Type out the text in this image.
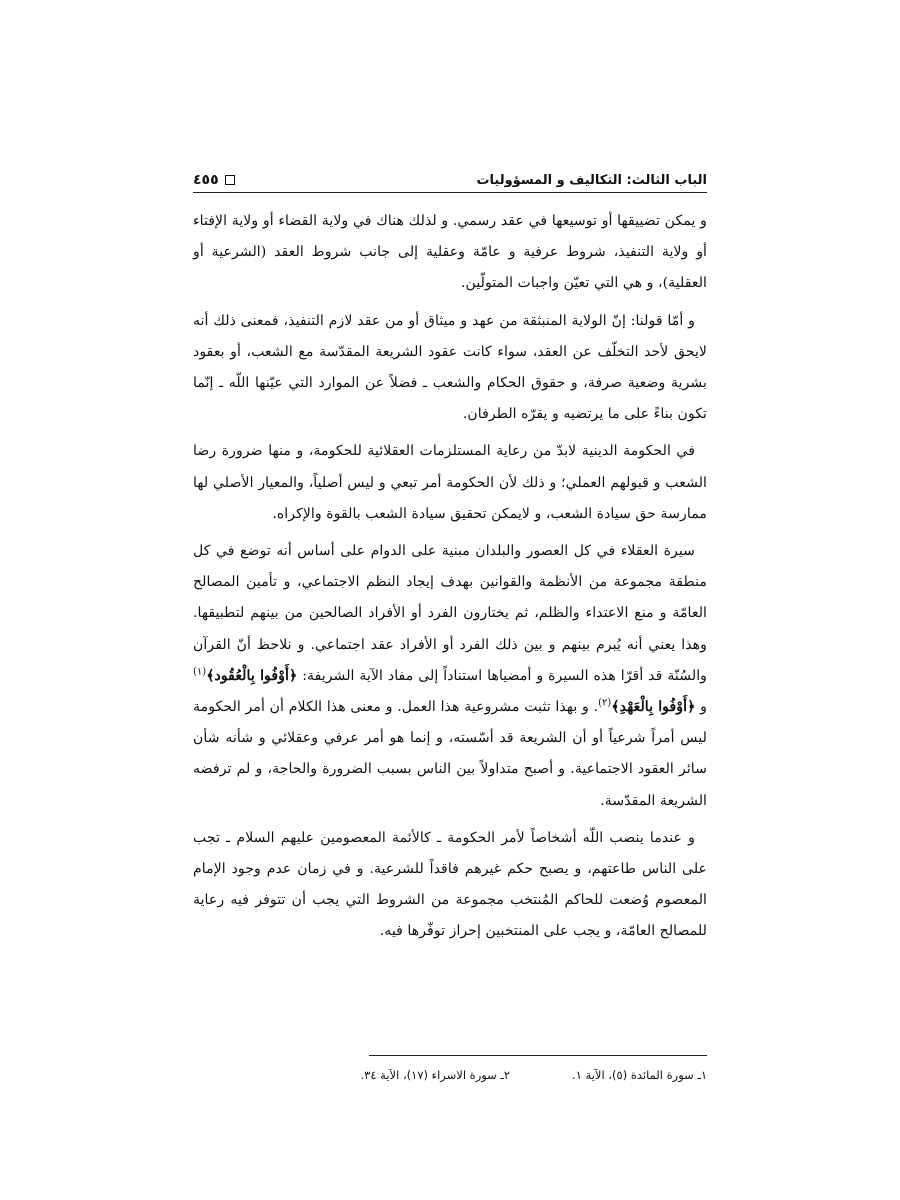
٤٥٥	الباب الثالث: التكاليف و المسؤوليات

و يمكن تضييقها أو توسيعها في عقد رسمي. و لذلك هناك في ولاية القضاء أو ولاية الإفتاء أو ولاية التنفيذ، شروط عرفية و عامّة وعقلية إلى جانب شروط العقد (الشرعية أو العقلية)، و هي التي تعيّن واجبات المتولّين.

و أمّا قولنا: إنّ الولاية المنبثقة من عهد و ميثاق أو من عقد لازم التنفيذ، فمعنى ذلك أنه لايحق لأحد التخلّف عن العقد، سواء كانت عقود الشريعة المقدّسة مع الشعب، أو بعقود بشرية وضعية صرفة، و حقوق الحكام والشعب ـ فضلاً عن الموارد التي عيّنها اللّه ـ إنّما تكون بناءً على ما يرتضيه و يقرّه الطرفان.

في الحكومة الدينية لابدّ من رعاية المستلزمات العقلائية للحكومة، و منها ضرورة رضا الشعب و قبولهم العملي؛ و ذلك لأن الحكومة أمر تبعي و ليس أصلياً، والمعيار الأصلي لها ممارسة حق سيادة الشعب، و لايمكن تحقيق سيادة الشعب بالقوة والإكراه.

سيرة العقلاء في كل العصور والبلدان مبنية على الدوام على أساس أنه توضع في كل منطقة مجموعة من الأنظمة والقوانين بهدف إيجاد النظم الاجتماعي، و تأمين المصالح العامّة و منع الاعتداء والظلم، ثم يختارون الفرد أو الأفراد الصالحين من بينهم لتطبيقها. وهذا يعني أنه يُبرم بينهم و بين ذلك الفرد أو الأفراد عقد اجتماعي. و نلاحظ أنّ القرآن والسُنّة قد أقرّا هذه السيرة و أمضياها استناداً إلى مفاد الآية الشريفة: ﴿أَوْفُوا بِالْعُقُود﴾$^{(١)}$ و ﴿أَوْفُوا بِالْعَهْدِ﴾$^{(٢)}$. و بهذا تثبت مشروعية هذا العمل. و معنى هذا الكلام أن أمر الحكومة ليس أمراً شرعياً أو أن الشريعة قد أسّسته، و إنما هو أمر عرفي وعقلائي و شأنه شأن سائر العقود الاجتماعية. و أصبح متداولاً بين الناس بسبب الضرورة والحاجة، و لم ترفضه الشريعة المقدّسة.

و عندما ينصب اللّه أشخاصاً لأمر الحكومة ـ كالأئمة المعصومين عليهم السلام ـ تجب على الناس طاعتهم، و يصبح حكم غيرهم فاقداً للشرعية. و في زمان عدم وجود الإمام المعصوم وُضعت للحاكم المُنتخب مجموعة من الشروط التي يجب أن تتوفر فيه رعاية للمصالح العامّة، و يجب على المنتخبين إحراز توفّرها فيه.

١ـ سورة المائدة (٥)، الآية ١.
٢ـ سورة الاسراء (١٧)، الآية ٣٤.
